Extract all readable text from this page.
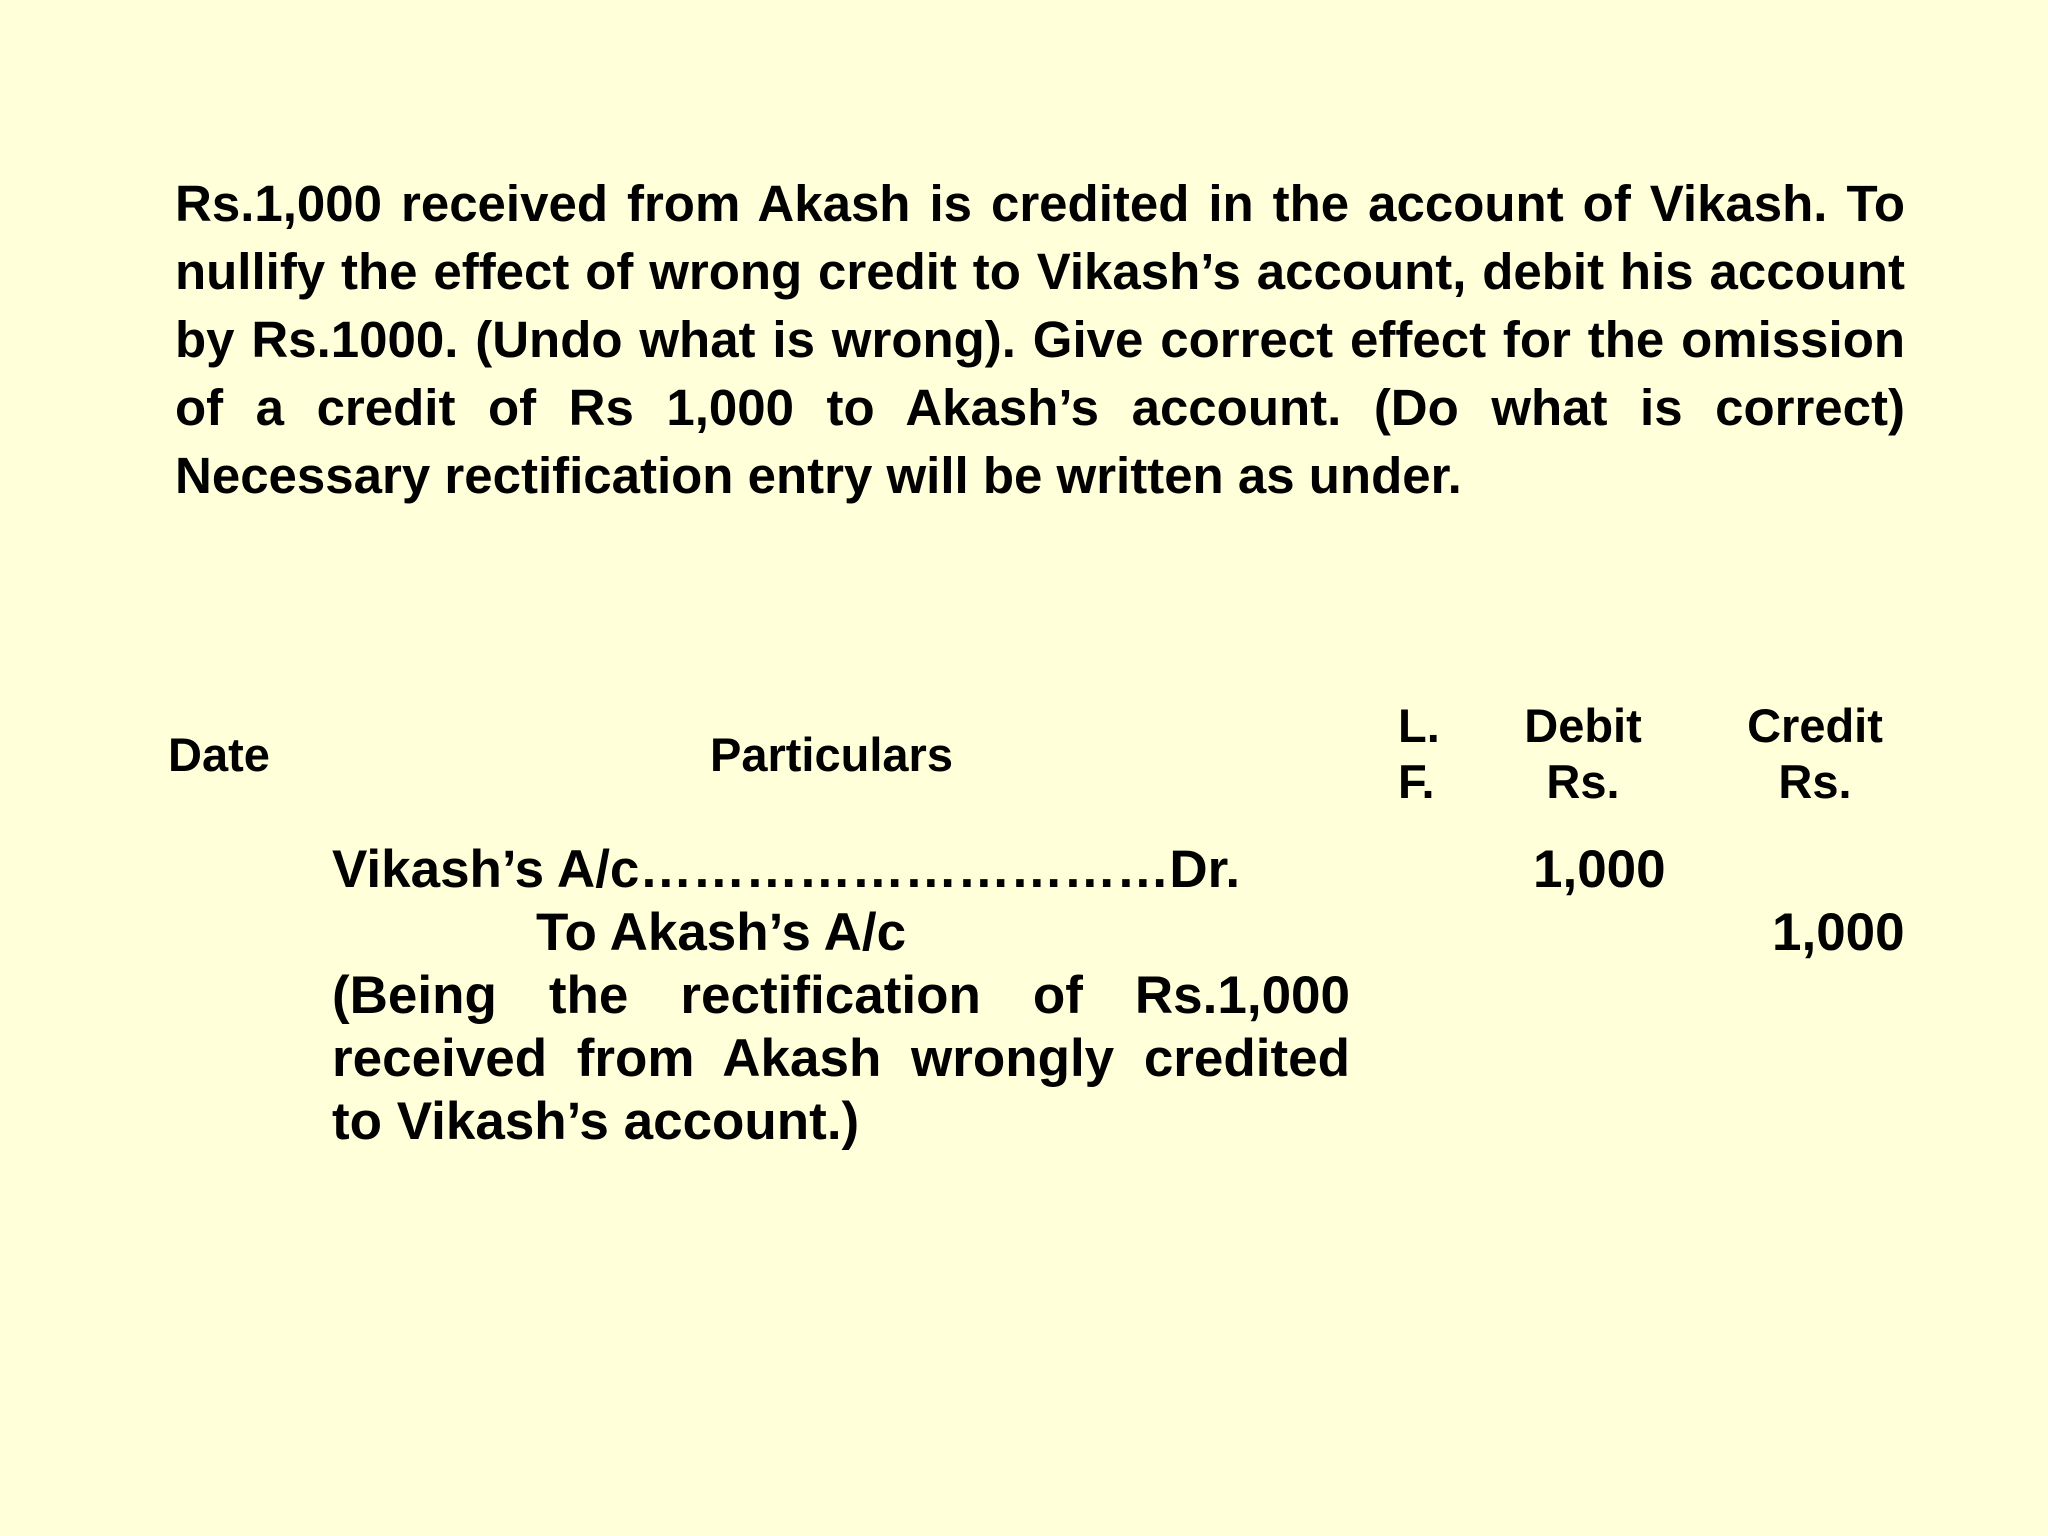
Rs.1,000 received from Akash is credited in the account of Vikash. To nullify the effect of wrong credit to Vikash’s account, debit his account by Rs.1000. (Undo what is wrong). Give correct effect for the omission of a credit of Rs 1,000 to Akash’s account. (Do what is correct) Necessary rectification entry will be written as under.

Date	Particulars
L.
F.
Debit
Rs.
Credit
Rs.
Vikash’s A/c…………………………Dr.
To Akash’s A/c

(Being the rectification of Rs.1,000 received from Akash wrongly credited to Vikash’s account.)

1,000
1,000
